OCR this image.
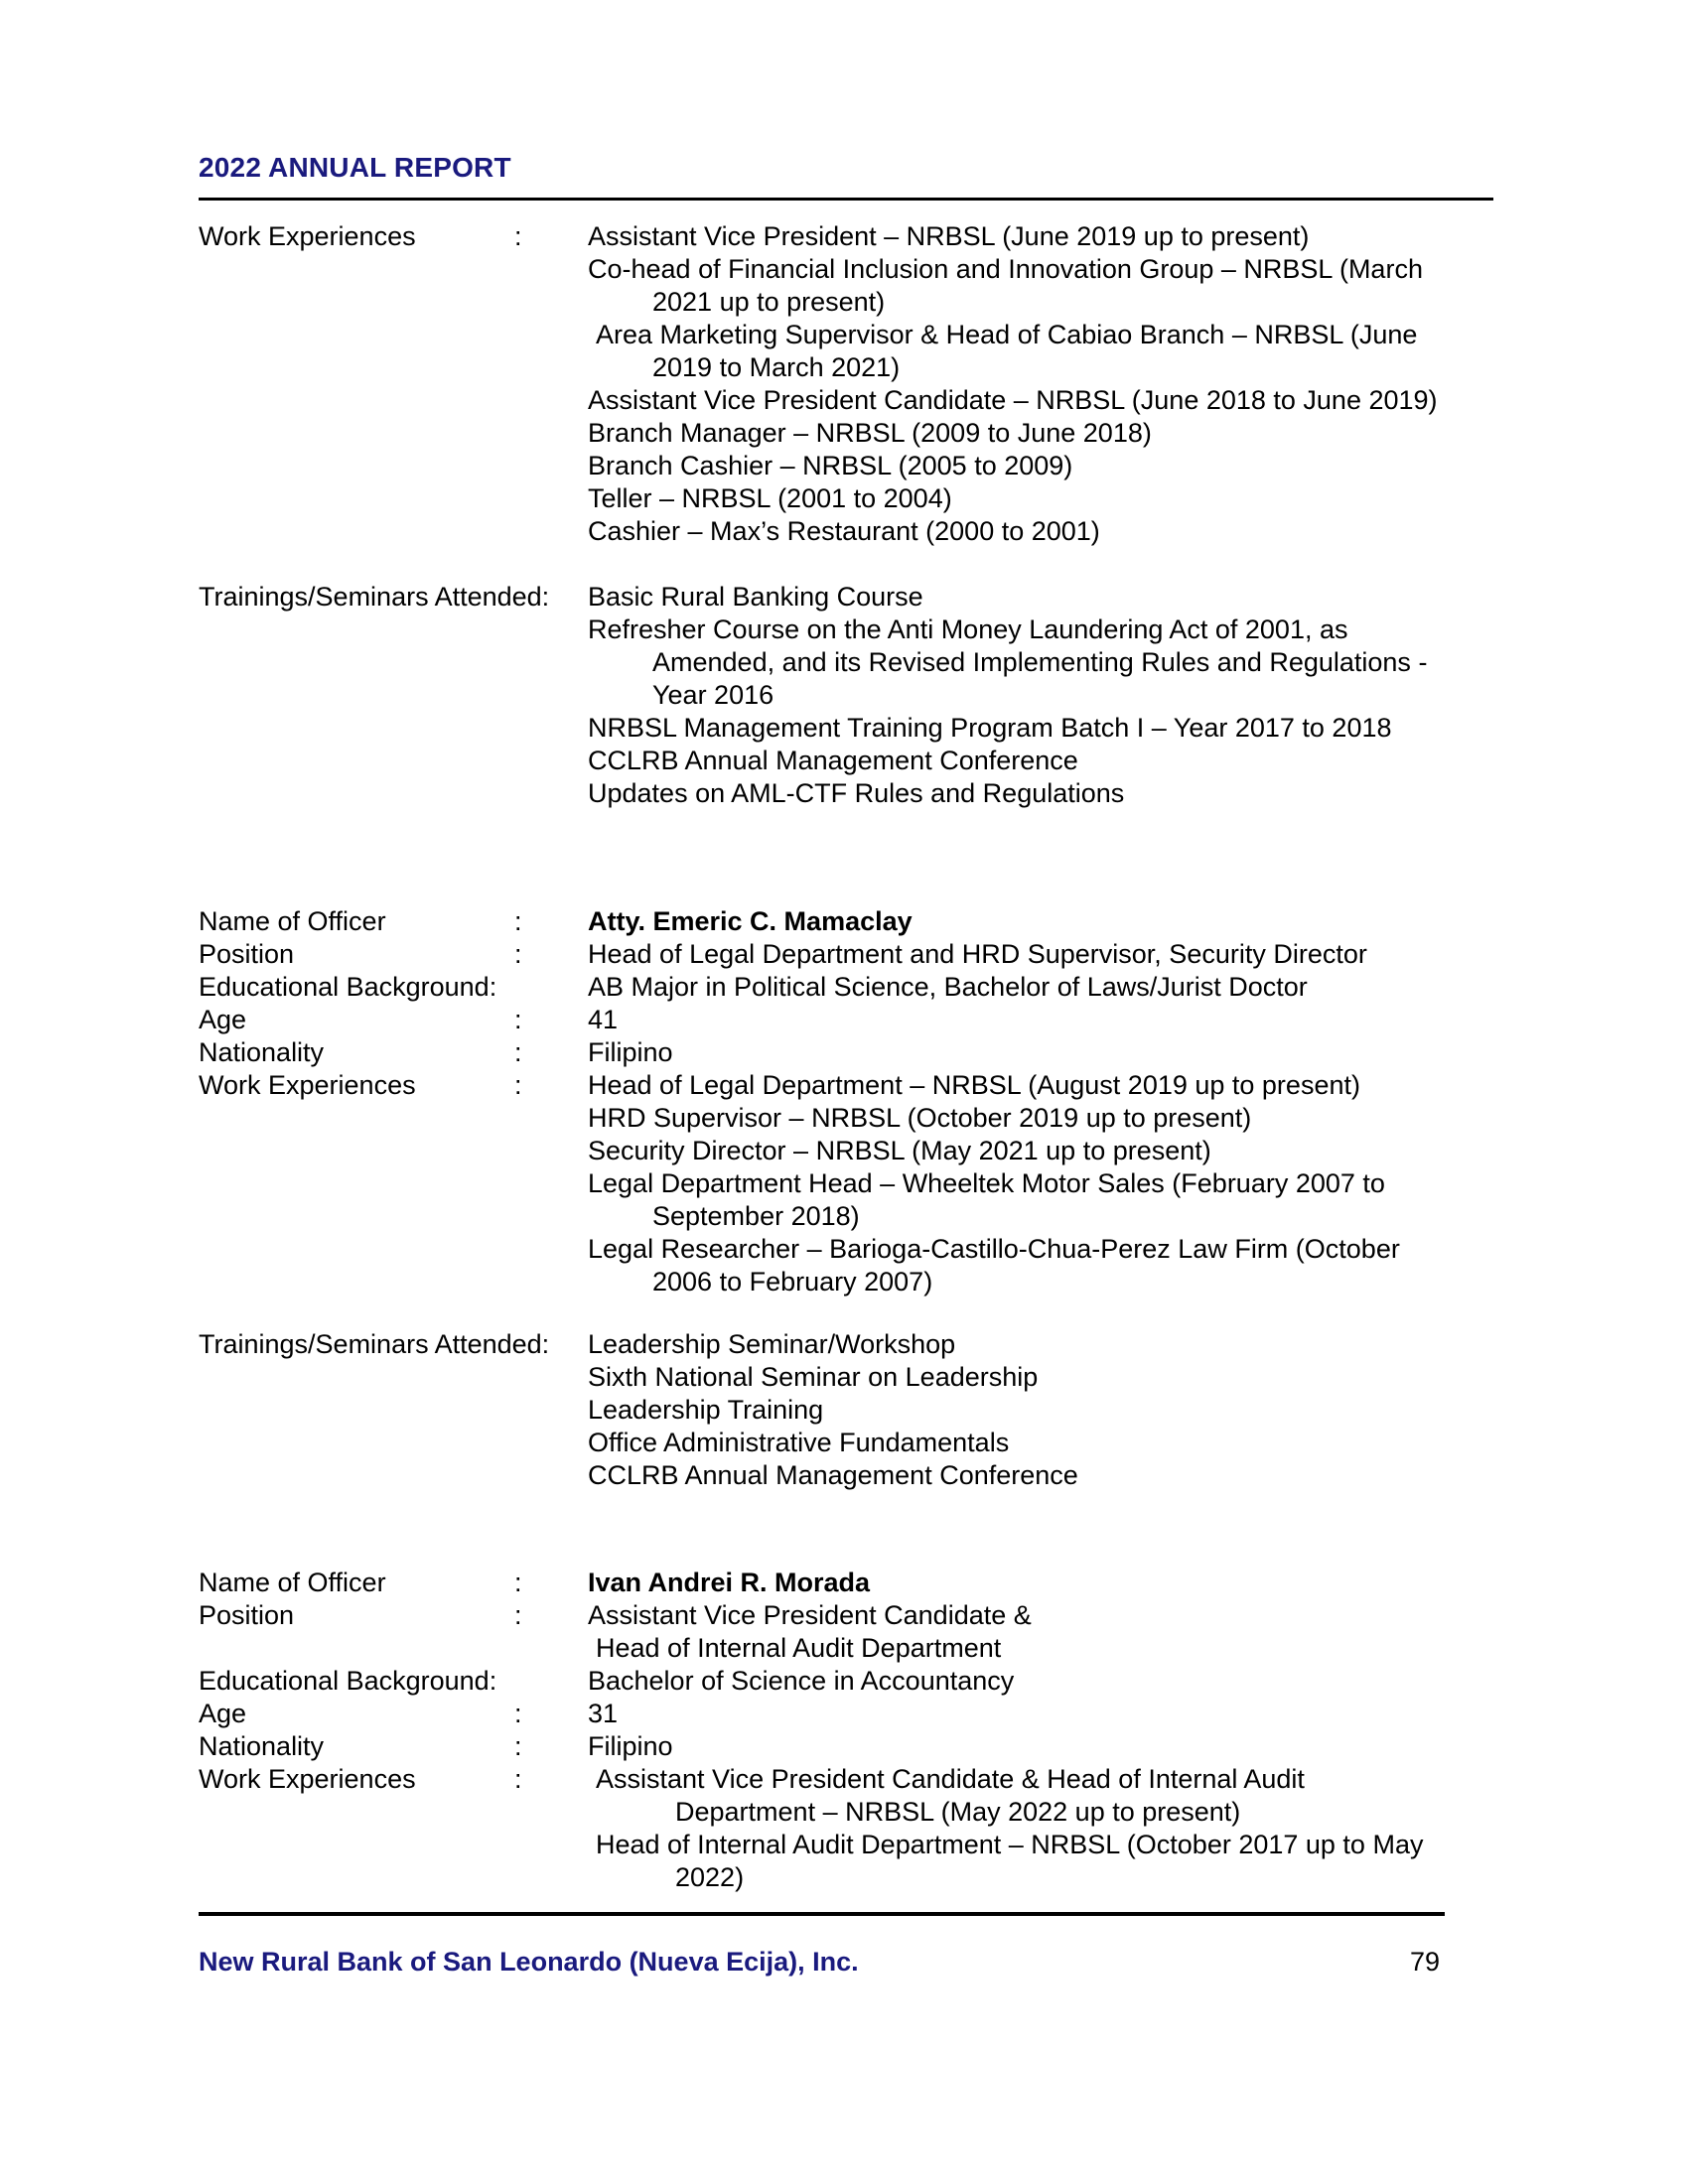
2022 ANNUAL REPORT
Work Experiences	:	Assistant Vice President – NRBSL (June 2019 up to present)
Co-head of Financial Inclusion and Innovation Group – NRBSL (March
2021 up to present)
Area Marketing Supervisor & Head of Cabiao Branch – NRBSL (June
2019 to March 2021)
Assistant Vice President Candidate – NRBSL (June 2018 to June 2019)
Branch Manager – NRBSL (2009 to June 2018)
Branch Cashier – NRBSL (2005 to 2009)
Teller – NRBSL (2001 to 2004)
Cashier – Max’s Restaurant (2000 to 2001)
Trainings/Seminars Attended: Basic Rural Banking Course
Refresher Course on the Anti Money Laundering Act of 2001, as
Amended, and its Revised Implementing Rules and Regulations -
Year 2016
NRBSL Management Training Program Batch I – Year 2017 to 2018
CCLRB Annual Management Conference
Updates on AML-CTF Rules and Regulations
Name of Officer	:	Atty. Emeric C. Mamaclay
Position	:	Head of Legal Department and HRD Supervisor, Security Director
Educational Background:	AB Major in Political Science, Bachelor of Laws/Jurist Doctor
Age	:	41
Nationality	:	Filipino
Work Experiences	:	Head of Legal Department – NRBSL (August 2019 up to present)
HRD Supervisor – NRBSL (October 2019 up to present)
Security Director – NRBSL (May 2021 up to present)
Legal Department Head – Wheeltek Motor Sales (February 2007 to
September 2018)
Legal Researcher – Barioga-Castillo-Chua-Perez Law Firm (October
2006 to February 2007)
Trainings/Seminars Attended: Leadership Seminar/Workshop
Sixth National Seminar on Leadership
Leadership Training
Office Administrative Fundamentals
CCLRB Annual Management Conference
Name of Officer	:	Ivan Andrei R. Morada
Position	:	Assistant Vice President Candidate &
Head of Internal Audit Department
Educational Background:	Bachelor of Science in Accountancy
Age	:	31
Nationality	:	Filipino
Work Experiences	:	Assistant Vice President Candidate & Head of Internal Audit
Department – NRBSL (May 2022 up to present)
Head of Internal Audit Department – NRBSL (October 2017 up to May
2022)
New Rural Bank of San Leonardo (Nueva Ecija), Inc.	79
